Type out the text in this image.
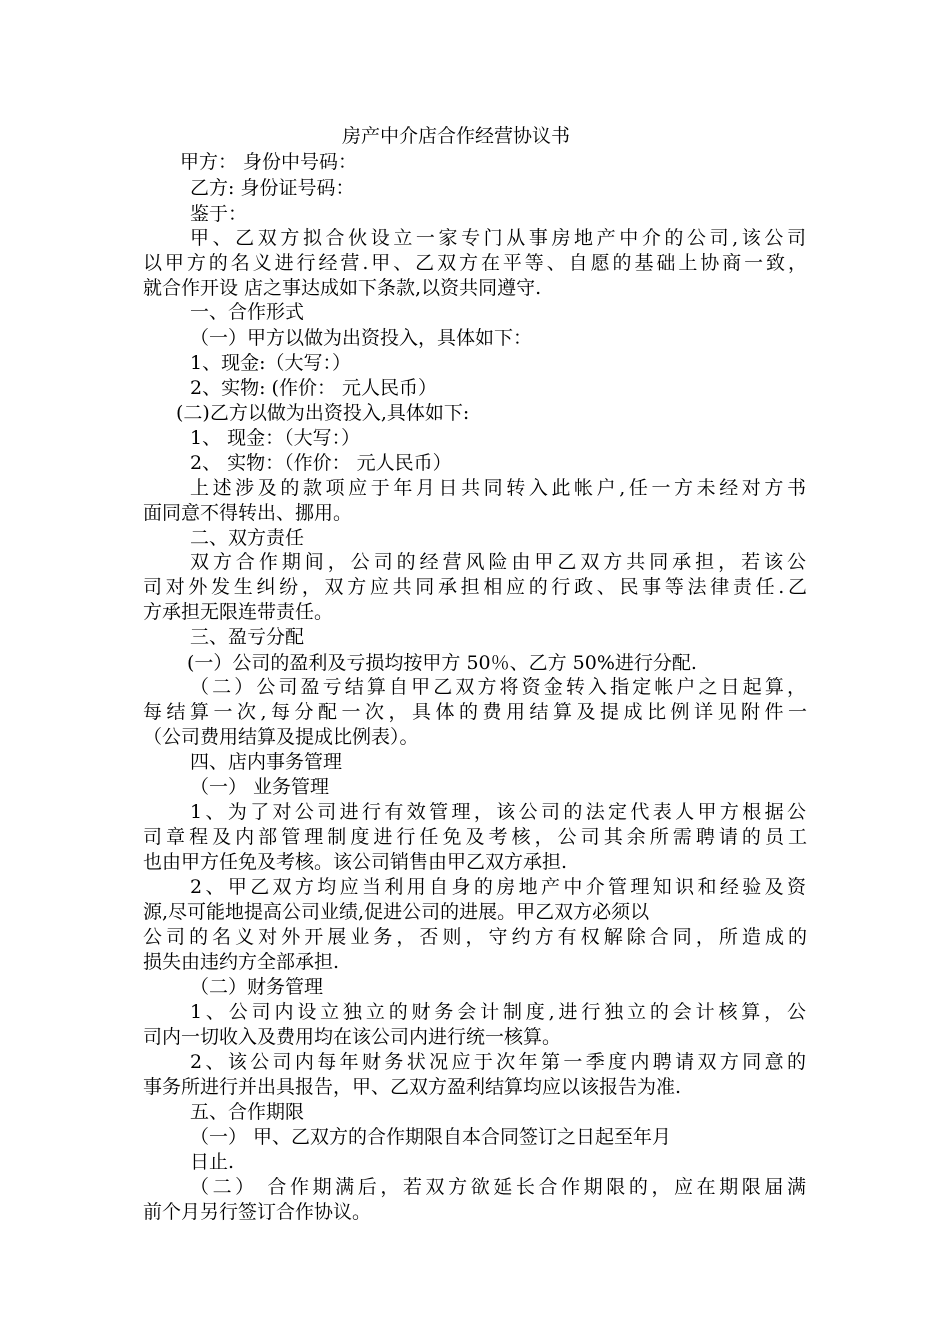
房产中介店合作经营协议书

甲方： 身份中号码：

乙方: 身份证号码：

鉴于：

甲、乙双方拟合伙设立一家专门从事房地产中介的公司,该公司

以甲方的名义进行经营.甲、乙双方在平等、自愿的基础上协商一致，

就合作开设 店之事达成如下条款,以资共同遵守.

一、合作形式

（一）甲方以做为出资投入，具体如下：

1、现金:（大写：）

2、实物: (作价： 元人民币）

(二)乙方以做为出资投入,具体如下:

1、 现金：（大写：）

2、 实物：（作价： 元人民币）

上述涉及的款项应于年月日共同转入此帐户,任一方未经对方书

面同意不得转出、挪用。

二、双方责任

双方合作期间，公司的经营风险由甲乙双方共同承担，若该公

司对外发生纠纷，双方应共同承担相应的行政、民事等法律责任.乙

方承担无限连带责任。

三、盈亏分配

(一）公司的盈利及亏损均按甲方 50％、乙方 50%进行分配.

（二）公司盈亏结算自甲乙双方将资金转入指定帐户之日起算，

每结算一次,每分配一次，具体的费用结算及提成比例详见附件一

（公司费用结算及提成比例表）。

四、店内事务管理

（一） 业务管理

1、为了对公司进行有效管理，该公司的法定代表人甲方根据公

司章程及内部管理制度进行任免及考核，公司其余所需聘请的员工

也由甲方任免及考核。该公司销售由甲乙双方承担.

2、甲乙双方均应当利用自身的房地产中介管理知识和经验及资

源,尽可能地提高公司业绩,促进公司的进展。甲乙双方必须以

公司的名义对外开展业务，否则，守约方有权解除合同，所造成的

损失由违约方全部承担.

（二）财务管理

1、公司内设立独立的财务会计制度,进行独立的会计核算，公

司内一切收入及费用均在该公司内进行统一核算。

2、该公司内每年财务状况应于次年第一季度内聘请双方同意的

事务所进行并出具报告，甲、乙双方盈利结算均应以该报告为准.

五、合作期限

（一） 甲、乙双方的合作期限自本合同签订之日起至年月

日止.

（二） 合作期满后，若双方欲延长合作期限的，应在期限届满

前个月另行签订合作协议。
